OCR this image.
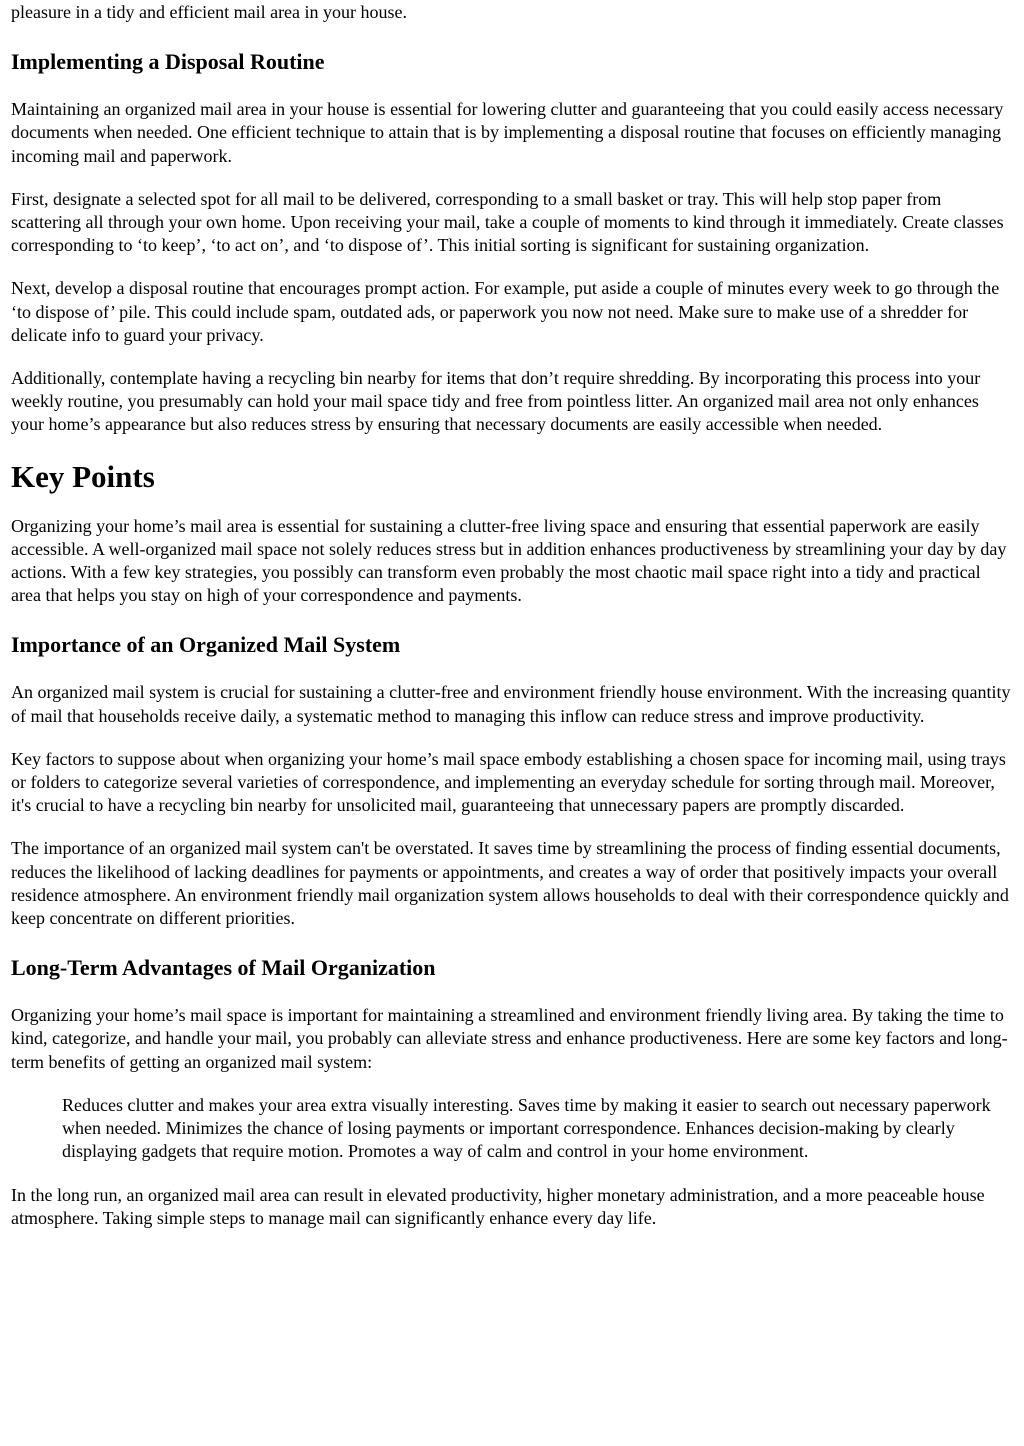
pleasure in a tidy and efficient mail area in your house.

Implementing a Disposal Routine

Maintaining an organized mail area in your house is essential for lowering clutter and guaranteeing that you could easily access necessary documents when needed. One efficient technique to attain that is by implementing a disposal routine that focuses on efficiently managing incoming mail and paperwork.

First, designate a selected spot for all mail to be delivered, corresponding to a small basket or tray. This will help stop paper from scattering all through your own home. Upon receiving your mail, take a couple of moments to kind through it immediately. Create classes corresponding to ‘to keep’, ‘to act on’, and ‘to dispose of’. This initial sorting is significant for sustaining organization.

Next, develop a disposal routine that encourages prompt action. For example, put aside a couple of minutes every week to go through the ‘to dispose of’ pile. This could include spam, outdated ads, or paperwork you now not need. Make sure to make use of a shredder for delicate info to guard your privacy.

Additionally, contemplate having a recycling bin nearby for items that don’t require shredding. By incorporating this process into your weekly routine, you presumably can hold your mail space tidy and free from pointless litter. An organized mail area not only enhances your home’s appearance but also reduces stress by ensuring that necessary documents are easily accessible when needed.

Key Points

Organizing your home’s mail area is essential for sustaining a clutter-free living space and ensuring that essential paperwork are easily accessible. A well-organized mail space not solely reduces stress but in addition enhances productiveness by streamlining your day by day actions. With a few key strategies, you possibly can transform even probably the most chaotic mail space right into a tidy and practical area that helps you stay on high of your correspondence and payments.

Importance of an Organized Mail System

An organized mail system is crucial for sustaining a clutter-free and environment friendly house environment. With the increasing quantity of mail that households receive daily, a systematic method to managing this inflow can reduce stress and improve productivity.

Key factors to suppose about when organizing your home’s mail space embody establishing a chosen space for incoming mail, using trays or folders to categorize several varieties of correspondence, and implementing an everyday schedule for sorting through mail. Moreover, it's crucial to have a recycling bin nearby for unsolicited mail, guaranteeing that unnecessary papers are promptly discarded.

The importance of an organized mail system can't be overstated. It saves time by streamlining the process of finding essential documents, reduces the likelihood of lacking deadlines for payments or appointments, and creates a way of order that positively impacts your overall residence atmosphere. An environment friendly mail organization system allows households to deal with their correspondence quickly and keep concentrate on different priorities.

Long-Term Advantages of Mail Organization

Organizing your home’s mail space is important for maintaining a streamlined and environment friendly living area. By taking the time to kind, categorize, and handle your mail, you probably can alleviate stress and enhance productiveness. Here are some key factors and long-term benefits of getting an organized mail system:

Reduces clutter and makes your area extra visually interesting. Saves time by making it easier to search out necessary paperwork when needed. Minimizes the chance of losing payments or important correspondence. Enhances decision-making by clearly displaying gadgets that require motion. Promotes a way of calm and control in your home environment.

In the long run, an organized mail area can result in elevated productivity, higher monetary administration, and a more peaceable house atmosphere. Taking simple steps to manage mail can significantly enhance every day life.
